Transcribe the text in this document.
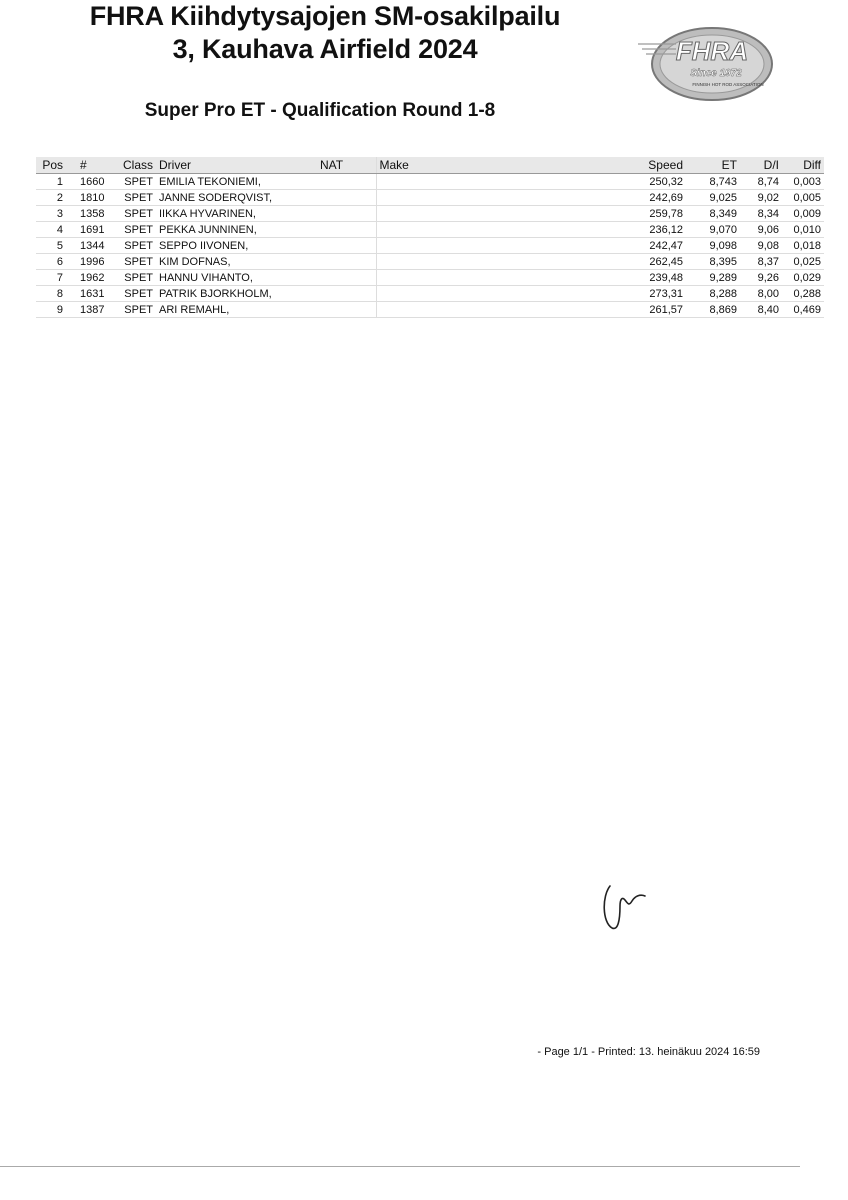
FHRA Kiihdytysajojen SM-osakilpailu
3, Kauhava Airfield 2024	FHRA
Since 1972
FINNISH HOT ROD ASSOCIATION
Super Pro ET - Qualification Round 1-8
Pos	#	Class	Driver	NAT	Make	Speed	ET	D/I	Diff
1	1660	SPET	EMILIA TEKONIEMI,			250,32	8,743	8,74	0,003
2	1810	SPET	JANNE SODERQVIST,			242,69	9,025	9,02	0,005
3	1358	SPET	IIKKA HYVARINEN,			259,78	8,349	8,34	0,009
4	1691	SPET	PEKKA JUNNINEN,			236,12	9,070	9,06	0,010
5	1344	SPET	SEPPO IIVONEN,			242,47	9,098	9,08	0,018
6	1996	SPET	KIM DOFNAS,			262,45	8,395	8,37	0,025
7	1962	SPET	HANNU VIHANTO,			239,48	9,289	9,26	0,029
8	1631	SPET	PATRIK BJORKHOLM,			273,31	8,288	8,00	0,288
9	1387	SPET	ARI REMAHL,			261,57	8,869	8,40	0,469
- Page 1/1 - Printed: 13. heinäkuu 2024 16:59
